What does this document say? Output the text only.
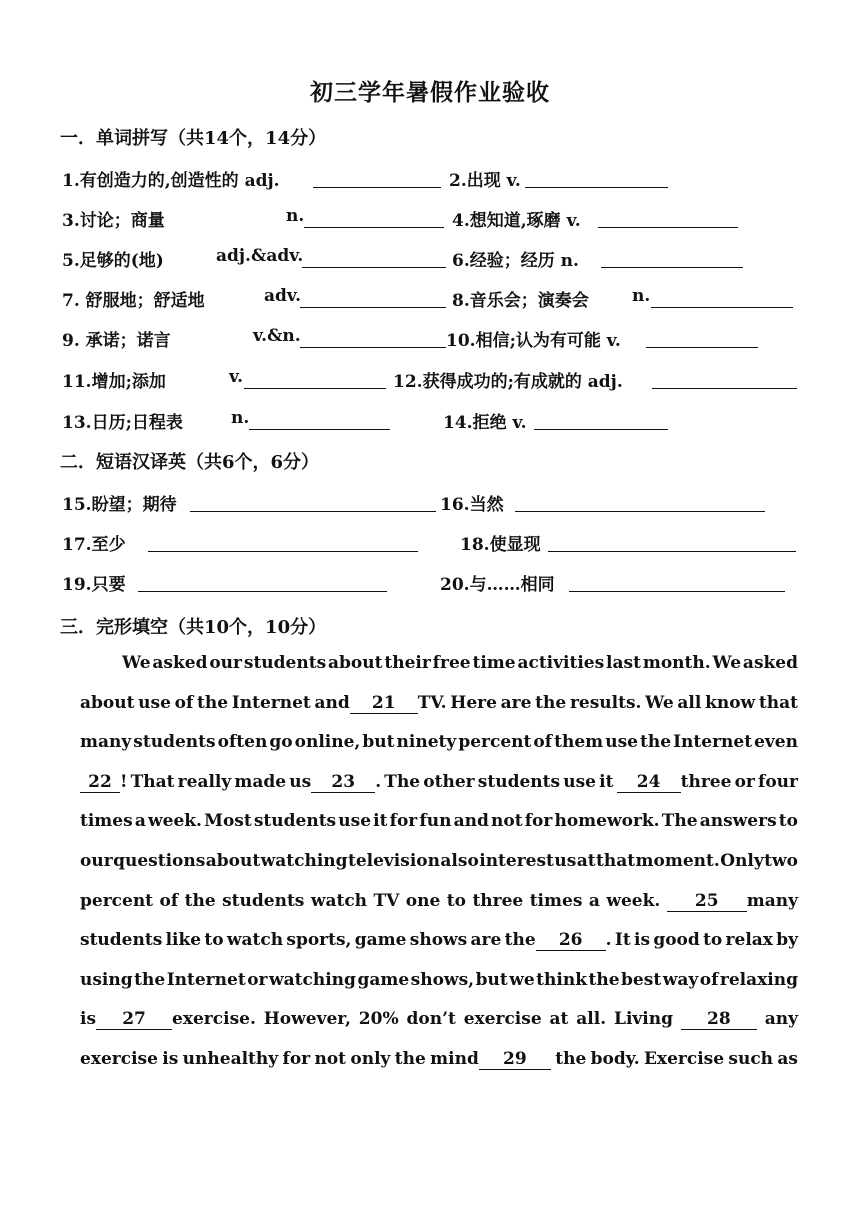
初三学年暑假作业验收
一．单词拼写（共14个，14分）
1.有创造力的,创造性的 adj.	2.出现 v.
3.讨论；商量	n.	4.想知道,琢磨 v.
5.足够的(地)	adj.&adv.	6.经验；经历 n.
7. 舒服地；舒适地	adv.	8.音乐会；演奏会	n.
9. 承诺；诺言	v.&n.	10.相信;认为有可能 v.
11.增加;添加	v.	12.获得成功的;有成就的 adj.
13.日历;日程表	n.	14.拒绝 v.
二．短语汉译英（共6个，6分）
15.盼望；期待	16.当然
17.至少	18.使显现
19.只要	20.与……相同
三．完形填空（共10个，10分）
We asked our students about their free time activities last month. We asked
about use of the Internet and 21 TV. Here are the results. We all know that
many students often go online, but ninety percent of them use the Internet even
22 ! That really made us 23 . The other students use it 24 three or four
times a week. Most students use it for fun and not for homework. The answers to
our questions about watching television also interest us at that moment. Only two
percent of the students watch TV one to three times a week. 25 many
students like to watch sports, game shows are the 26 . It is good to relax by
using the Internet or watching game shows, but we think the best way of relaxing
is 27 exercise. However, 20% don’t exercise at all. Living 28 any
exercise is unhealthy for not only the mind 29 the body. Exercise such as
